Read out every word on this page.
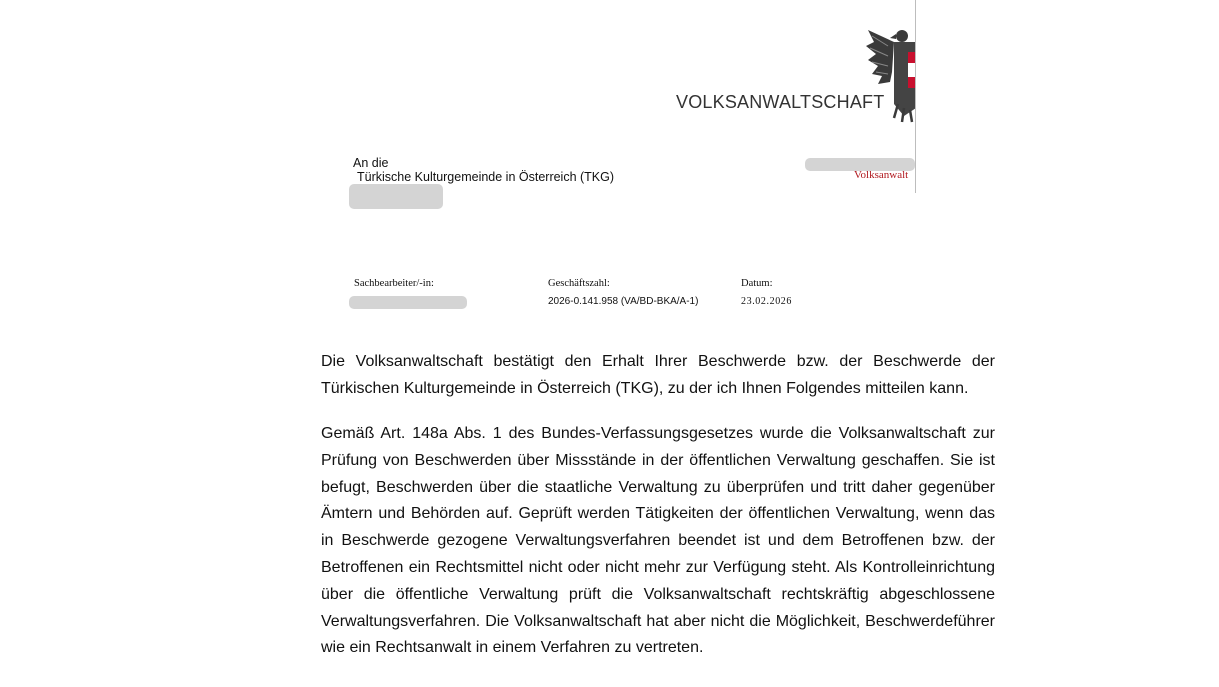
VOLKSANWALTSCHAFT
An die
Türkische Kulturgemeinde in Österreich (TKG)	Volksanwalt
Sachbearbeiter/-in:	Geschäftszahl:
2026-0.141.958 (VA/BD-BKA/A-1)
Datum:
23.02.2026

Die Volksanwaltschaft bestätigt den Erhalt Ihrer Beschwerde bzw. der Beschwerde der Türkischen Kulturgemeinde in Österreich (TKG), zu der ich Ihnen Folgendes mitteilen kann.

Gemäß Art. 148a Abs. 1 des Bundes-Verfassungsgesetzes wurde die Volksanwaltschaft zur Prüfung von Beschwerden über Missstände in der öffentlichen Verwaltung geschaffen. Sie ist befugt, Beschwerden über die staatliche Verwaltung zu überprüfen und tritt daher gegenüber Ämtern und Behörden auf. Geprüft werden Tätigkeiten der öffentlichen Verwaltung, wenn das in Beschwerde gezogene Verwaltungsverfahren beendet ist und dem Betroffenen bzw. der Betroffenen ein Rechtsmittel nicht oder nicht mehr zur Verfügung steht. Als Kontrolleinrichtung über die öffentliche Verwaltung prüft die Volksanwaltschaft rechtskräftig abgeschlossene Verwaltungsverfahren. Die Volksanwaltschaft hat aber nicht die Möglichkeit, Beschwerdeführer wie ein Rechtsanwalt in einem Verfahren zu vertreten.
